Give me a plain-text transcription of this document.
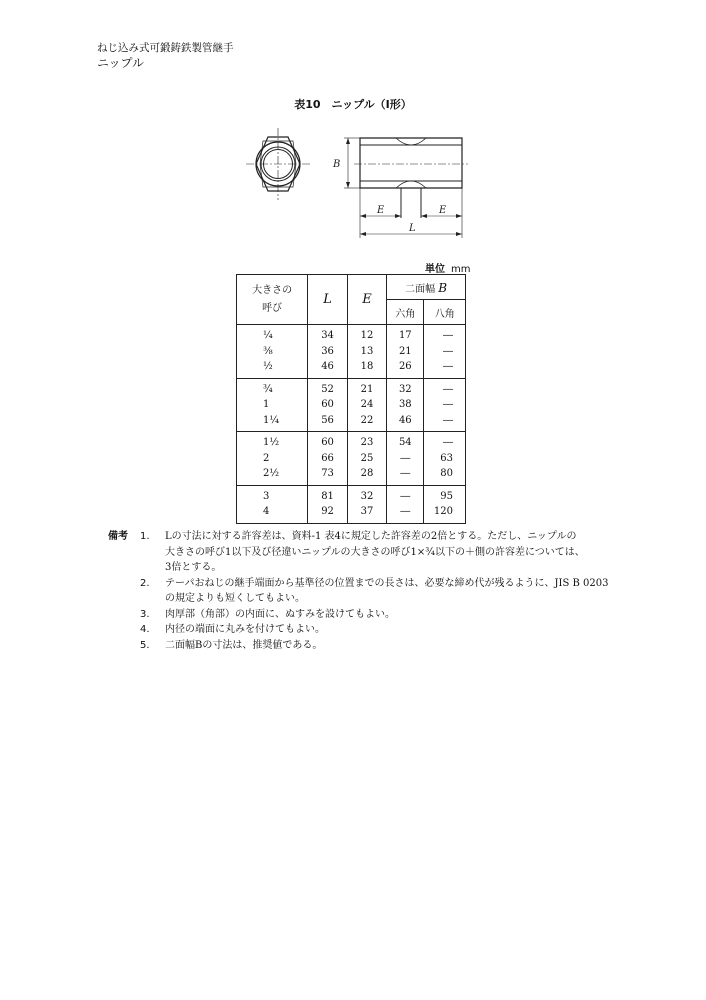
ねじ込み式可鍛鋳鉄製管継手
ニップル
表10　ニップル（Ⅰ形）
B
E	E
L
単位 mm
大きさの
呼び	L	E	二面幅 B	
			六角	八角
¼	34	12	17	―
⅜	36	13	21	―
½	46	18	26	―
¾	52	21	32	―
1	60	24	38	―
1¼	56	22	46	―
1½	60	23	54	―
2	66	25	―	63
2½	73	28	―	80
3	81	32	―	95
4	92	37	―	120
備考 1. Lの寸法に対する許容差は、資料-1 表4に規定した許容差の2倍とする。ただし、ニップルの
大きさの呼び1以下及び径違いニップルの大きさの呼び1×¾以下の＋側の許容差については、
3倍とする。
2. テーパおねじの継手端面から基準径の位置までの長さは、必要な締め代が残るように、JIS B 0203
の規定よりも短くしてもよい。
3. 肉厚部（角部）の内面に、ぬすみを設けてもよい。
4. 内径の端面に丸みを付けてもよい。
5. 二面幅Bの寸法は、推奨値である。
